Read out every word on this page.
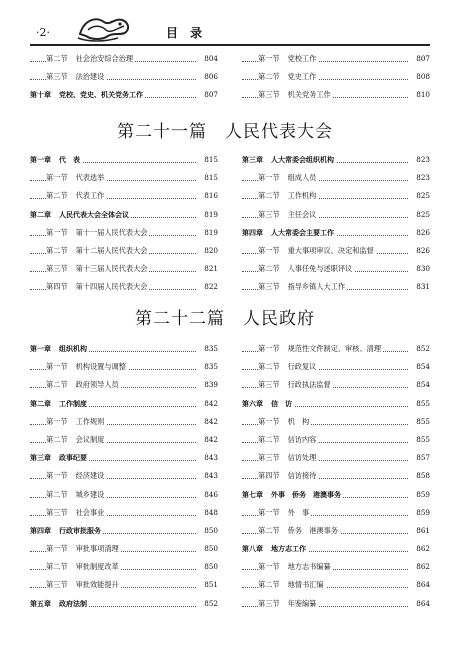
·2·	目 录
第二节 社会治安综合治理	804
第三节 法治建设	806
第十章 党校、党史、机关党务工作	807
第一节 党校工作	807
第二节 党史工作	808
第三节 机关党务工作	810
第二十一篇 人民代表大会
第一章 代　表	815
第一节 代表选举	815
第二节 代表工作	816
第二章 人民代表大会全体会议	819
第一节 第十一届人民代表大会	819
第二节 第十二届人民代表大会	820
第三节 第十三届人民代表大会	821
第四节 第十四届人民代表大会	822
第三章 人大常委会组织机构	823
第一节 组成人员	823
第二节 工作机构	825
第三节 主任会议	825
第四章 人大常委会主要工作	826
第一节 重大事项审议、决定和监督	826
第二节 人事任免与述职评议	830
第三节 指导乡镇人大工作	831
第二十二篇 人民政府
第一章 组织机构	835
第一节 机构设置与调整	835
第二节 政府领导人员	839
第二章 工作制度	842
第一节 工作规则	842
第二节 会议制度	842
第三章 政事纪要	843
第一节 经济建设	843
第二节 城乡建设	846
第三节 社会事业	848
第四章 行政审批服务	850
第一节 审批事项清理	850
第二节 审批制度改革	850
第三节 审批效能提升	851
第五章 政府法制	852
第一节 规范性文件制定、审核、清理	852
第二节 行政复议	854
第三节 行政执法监督	854
第六章 信　访	855
第一节 机　构	855
第二节 信访内容	855
第三节 信访处理	857
第四节 信访接待	858
第七章 外事　侨务　港澳事务	859
第一节 外　事	859
第二节 侨务　港澳事务	861
第八章 地方志工作	862
第一节 地方志书编纂	862
第二节 地情书汇编	864
第三节 年鉴编纂	864
